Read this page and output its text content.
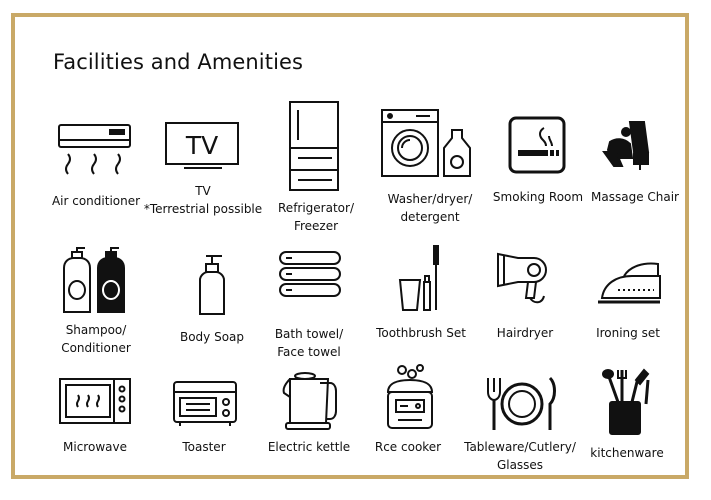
Facilities and Amenities
Air conditioner
TV
TV
*Terrestrial possible Refrigerator/
Freezer
Washer/dryer/
detergent
Smoking Room Massage Chair
Shampoo/
Conditioner
Body Soap	Bath towel/
Face towel
Toothbrush Set	Hairdryer	Ironing set
Microwave	Toaster	Electric kettle Rce cooker Tableware/Cutlery/
Glasses
kitchenware
